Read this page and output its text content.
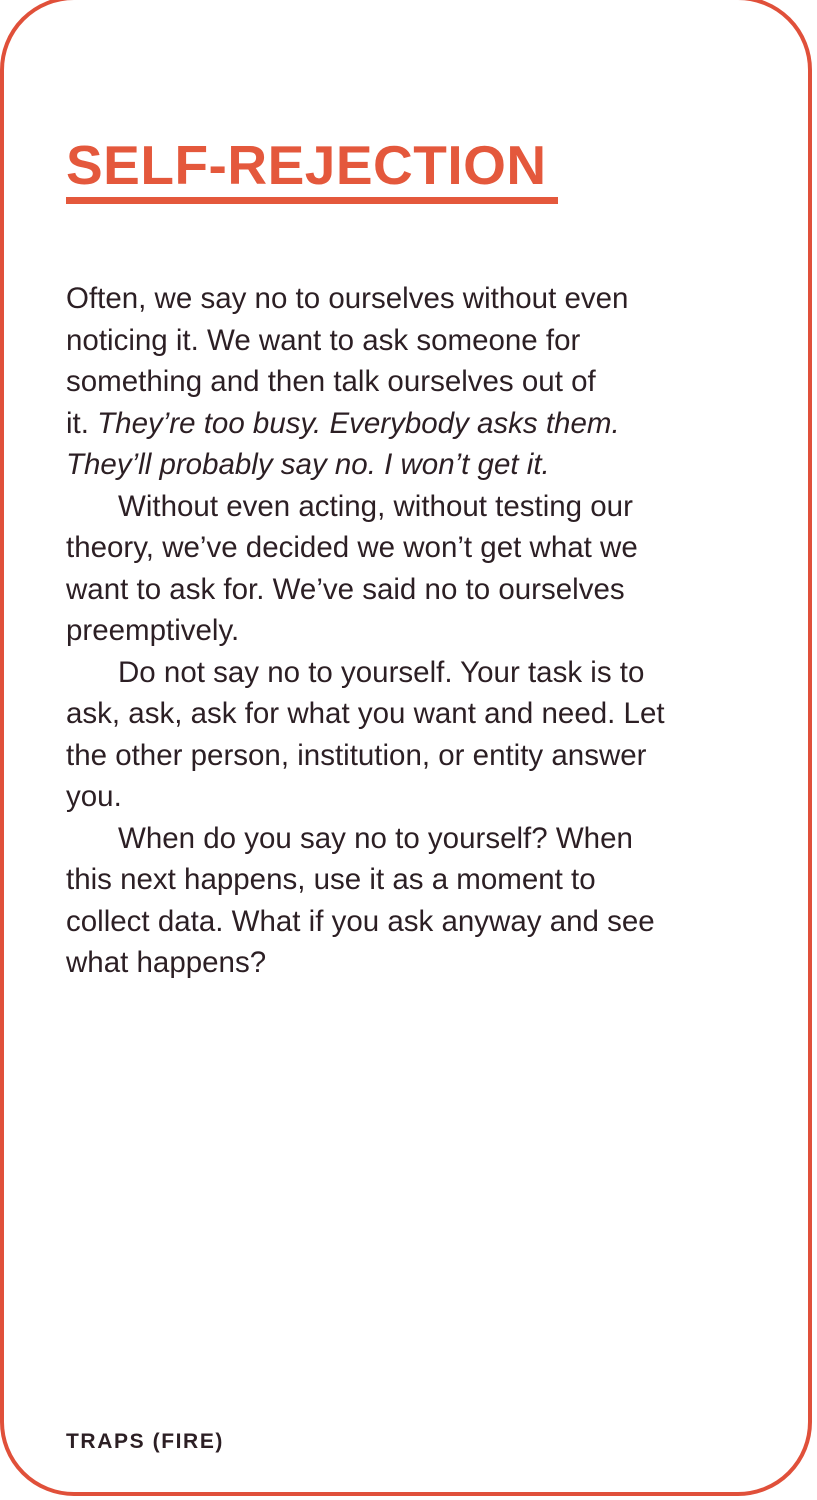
SELF-REJECTION

Often, we say no to ourselves without even

noticing it. We want to ask someone for

something and then talk ourselves out of

it. They’re too busy. Everybody asks them.

They’ll probably say no. I won’t get it.

Without even acting, without testing our

theory, we’ve decided we won’t get what we

want to ask for. We’ve said no to ourselves

preemptively.

Do not say no to yourself. Your task is to

ask, ask, ask for what you want and need. Let

the other person, institution, or entity answer

you.

When do you say no to yourself? When

this next happens, use it as a moment to

collect data. What if you ask anyway and see

what happens?

TRAPS (FIRE)
